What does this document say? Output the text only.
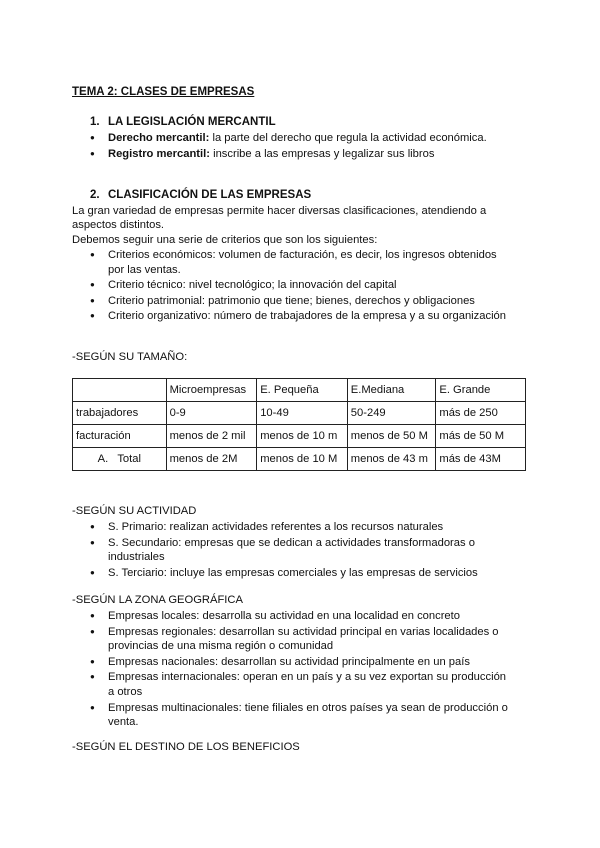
TEMA 2: CLASES DE EMPRESAS
1. LA LEGISLACIÓN MERCANTIL
● Derecho mercantil: la parte del derecho que regula la actividad económica.
● Registro mercantil: inscribe a las empresas y legalizar sus libros
2. CLASIFICACIÓN DE LAS EMPRESAS
La gran variedad de empresas permite hacer diversas clasificaciones, atendiendo a aspectos distintos.
Debemos seguir una serie de criterios que son los siguientes:
● Criterios económicos: volumen de facturación, es decir, los ingresos obtenidos por las ventas.
● Criterio técnico: nivel tecnológico; la innovación del capital
● Criterio patrimonial: patrimonio que tiene; bienes, derechos y obligaciones
● Criterio organizativo: número de trabajadores de la empresa y a su organización
-SEGÚN SU TAMAÑO:
	Microempresas	E. Pequeña	E.Mediana	E. Grande
trabajadores	0-9	10-49	50-249	más de 250
facturación	menos de 2 mil	menos de 10 m	menos de 50 M	más de 50 M
A.   Total	menos de 2M	menos de 10 M	menos de 43 m	más de 43M
-SEGÚN SU ACTIVIDAD
● S. Primario: realizan actividades referentes a los recursos naturales
● S. Secundario: empresas que se dedican a actividades transformadoras o industriales
● S. Terciario: incluye las empresas comerciales y las empresas de servicios
-SEGÚN LA ZONA GEOGRÁFICA
● Empresas locales: desarrolla su actividad en una localidad en concreto
● Empresas regionales: desarrollan su actividad principal en varias localidades o provincias de una misma región o comunidad
● Empresas nacionales: desarrollan su actividad principalmente en un país
● Empresas internacionales: operan en un país y a su vez exportan su producción a otros
● Empresas multinacionales: tiene filiales en otros países ya sean de producción o venta.
-SEGÚN EL DESTINO DE LOS BENEFICIOS
